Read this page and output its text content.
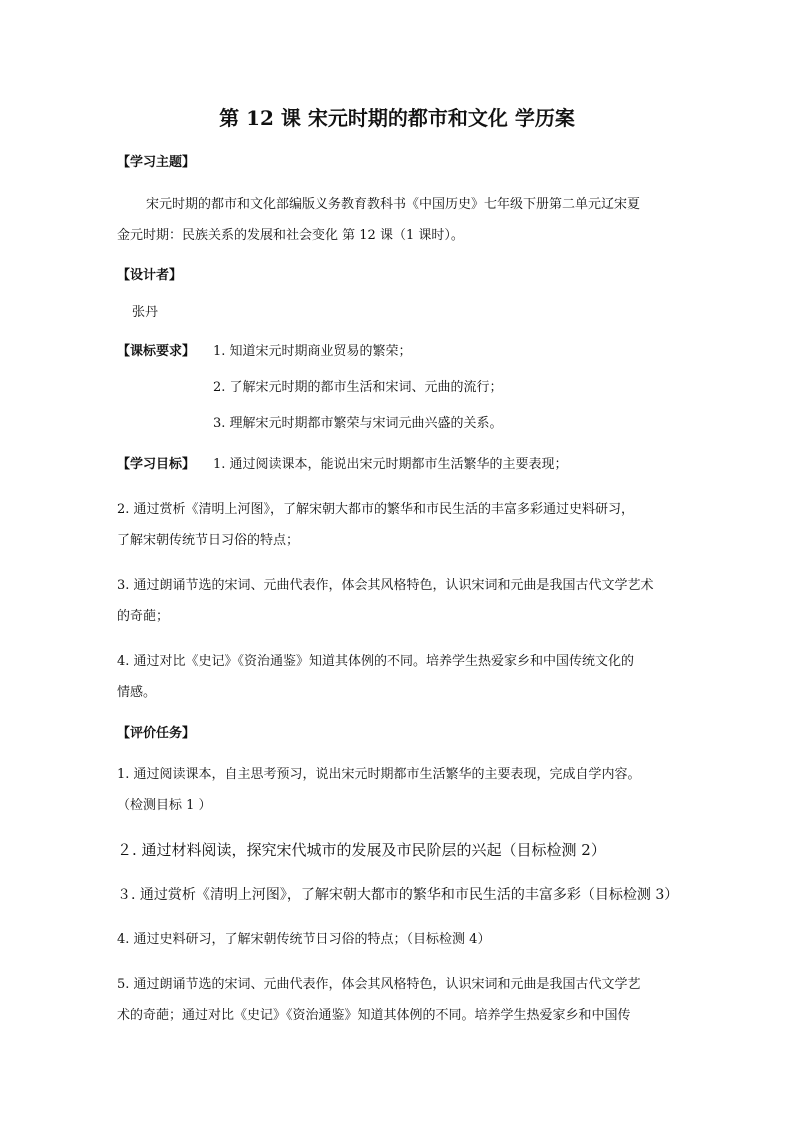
第 12 课 宋元时期的都市和文化 学历案
【学习主题】
宋元时期的都市和文化部编版义务教育教科书《中国历史》七年级下册第二单元辽宋夏
金元时期：民族关系的发展和社会变化 第 12 课（1 课时）。
【设计者】
张丹
【课标要求】 1. 知道宋元时期商业贸易的繁荣；
2. 了解宋元时期的都市生活和宋词、元曲的流行；
3. 理解宋元时期都市繁荣与宋词元曲兴盛的关系。
【学习目标】 1. 通过阅读课本，能说出宋元时期都市生活繁华的主要表现；
2. 通过赏析《清明上河图》，了解宋朝大都市的繁华和市民生活的丰富多彩通过史料研习，
了解宋朝传统节日习俗的特点；
3. 通过朗诵节选的宋词、元曲代表作，体会其风格特色，认识宋词和元曲是我国古代文学艺术
的奇葩；
4. 通过对比《史记》《资治通鉴》知道其体例的不同。培养学生热爱家乡和中国传统文化的
情感。
【评价任务】
1. 通过阅读课本，自主思考预习，说出宋元时期都市生活繁华的主要表现，完成自学内容。
（检测目标 1 ）
２. 通过材料阅读，探究宋代城市的发展及市民阶层的兴起（目标检测 2）
３. 通过赏析《清明上河图》，了解宋朝大都市的繁华和市民生活的丰富多彩（目标检测 3）
4. 通过史料研习，了解宋朝传统节日习俗的特点；（目标检测 4）
5. 通过朗诵节选的宋词、元曲代表作，体会其风格特色，认识宋词和元曲是我国古代文学艺
术的奇葩；通过对比《史记》《资治通鉴》知道其体例的不同。培养学生热爱家乡和中国传
